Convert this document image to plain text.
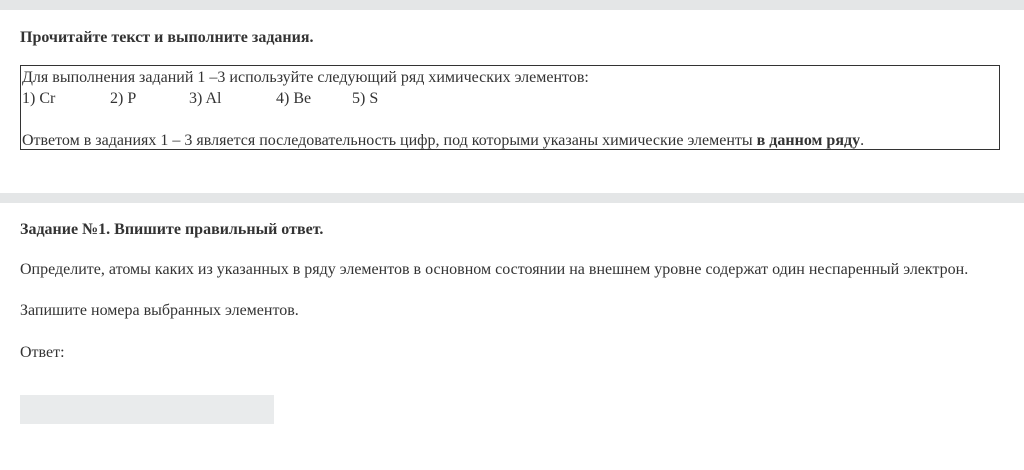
Прочитайте текст и выполните задания.
Для выполнения заданий 1 –3 используйте следующий ряд химических элементов:
1) Cr	2) P	3) Al	4) Be	5) S
Ответом в заданиях 1 – 3 является последовательность цифр, под которыми указаны химические элементы в данном ряду.
Задание №1. Впишите правильный ответ.
Определите, атомы каких из указанных в ряду элементов в основном состоянии на внешнем уровне содержат один неспаренный электрон.
Запишите номера выбранных элементов.
Ответ:
